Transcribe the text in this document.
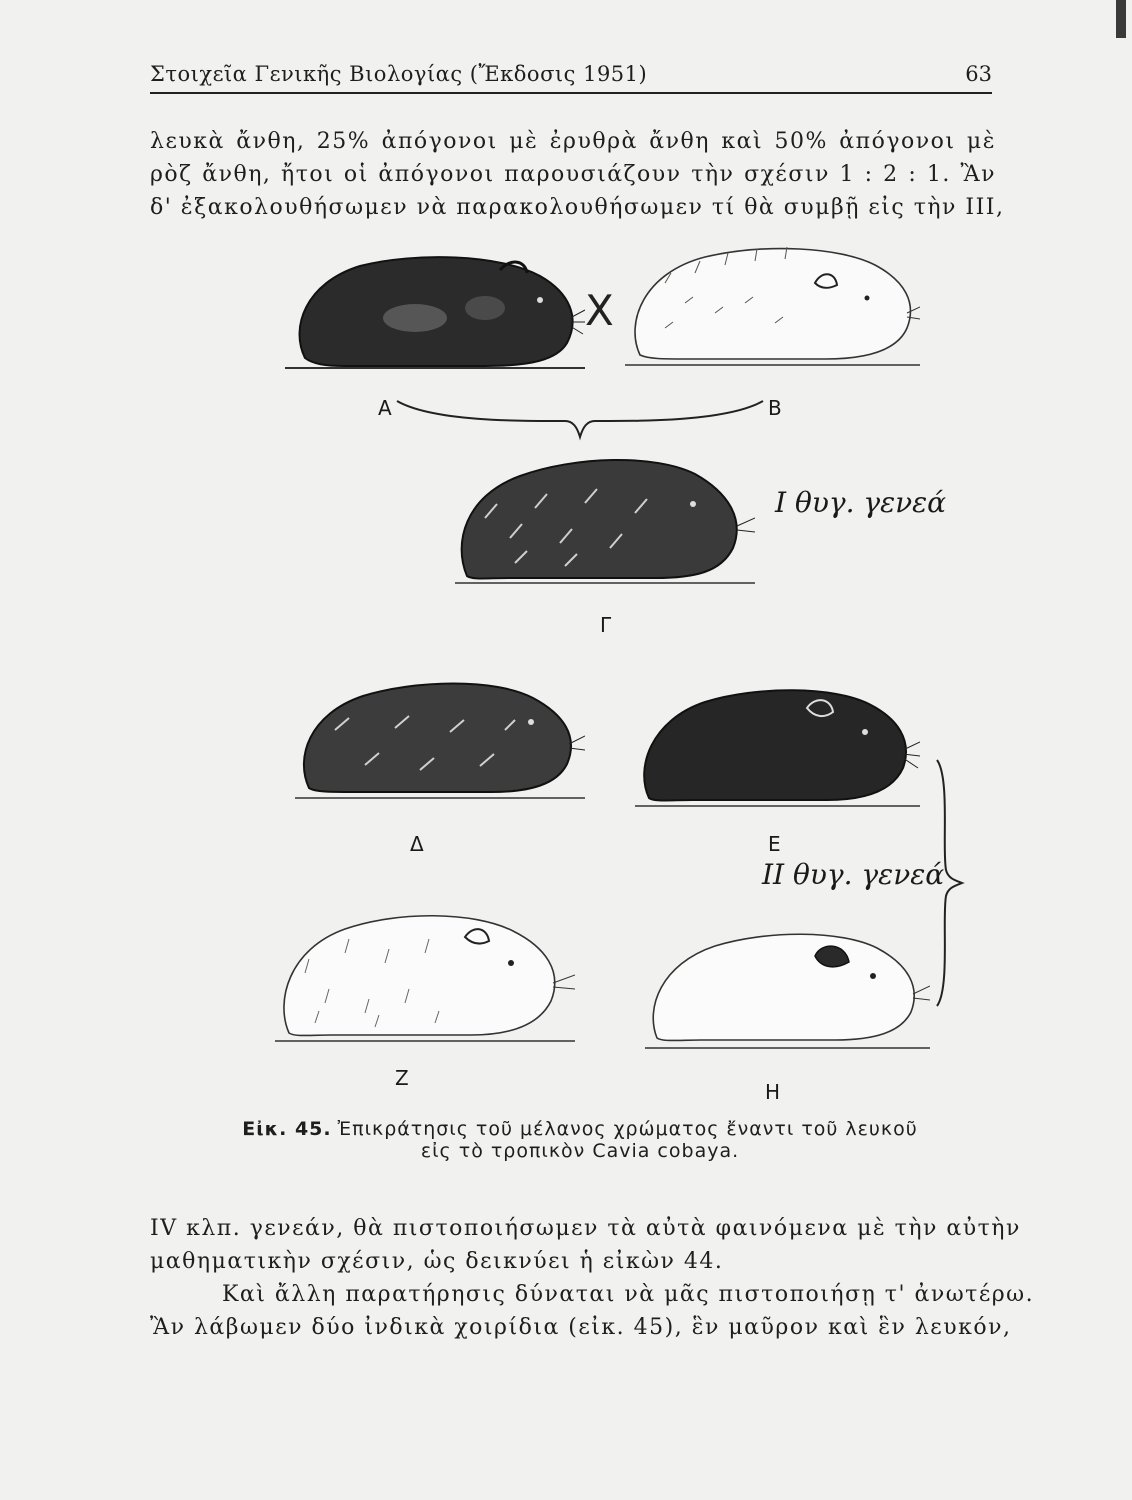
Στοιχεῖα Γενικῆς Βιολογίας (Ἔκδοσις 1951)	63
λευκὰ ἄνθη, 25% ἀπόγονοι μὲ ἐρυθρὰ ἄνθη καὶ 50% ἀπόγονοι μὲ
ρὸζ ἄνθη, ἤτοι οἱ ἀπόγονοι παρουσιάζουν τὴν σχέσιν 1 : 2 : 1. Ἂν
δ' ἐξακολουθήσωμεν νὰ παρακολουθήσωμεν τί θὰ συμβῇ εἰς τὴν ΙΙΙ,
X
Α	Β
Ι θυγ. γενεά
Γ
Δ	Ε
ΙΙ θυγ. γενεά
Ζ
Η
Εἰκ. 45. Ἐπικράτησις τοῦ μέλανος χρώματος ἔναντι τοῦ λευκοῦ
εἰς τὸ τροπικὸν Cavia cobaya.
ΙV κλπ. γενεάν, θὰ πιστοποιήσωμεν τὰ αὐτὰ φαινόμενα μὲ τὴν αὐτὴν
μαθηματικὴν σχέσιν, ὡς δεικνύει ἡ εἰκὼν 44.
Καὶ ἄλλη παρατήρησις δύναται νὰ μᾶς πιστοποιήσῃ τ' ἀνωτέρω.
Ἂν λάβωμεν δύο ἰνδικὰ χοιρίδια (εἰκ. 45), ἓν μαῦρον καὶ ἓν λευκόν,
